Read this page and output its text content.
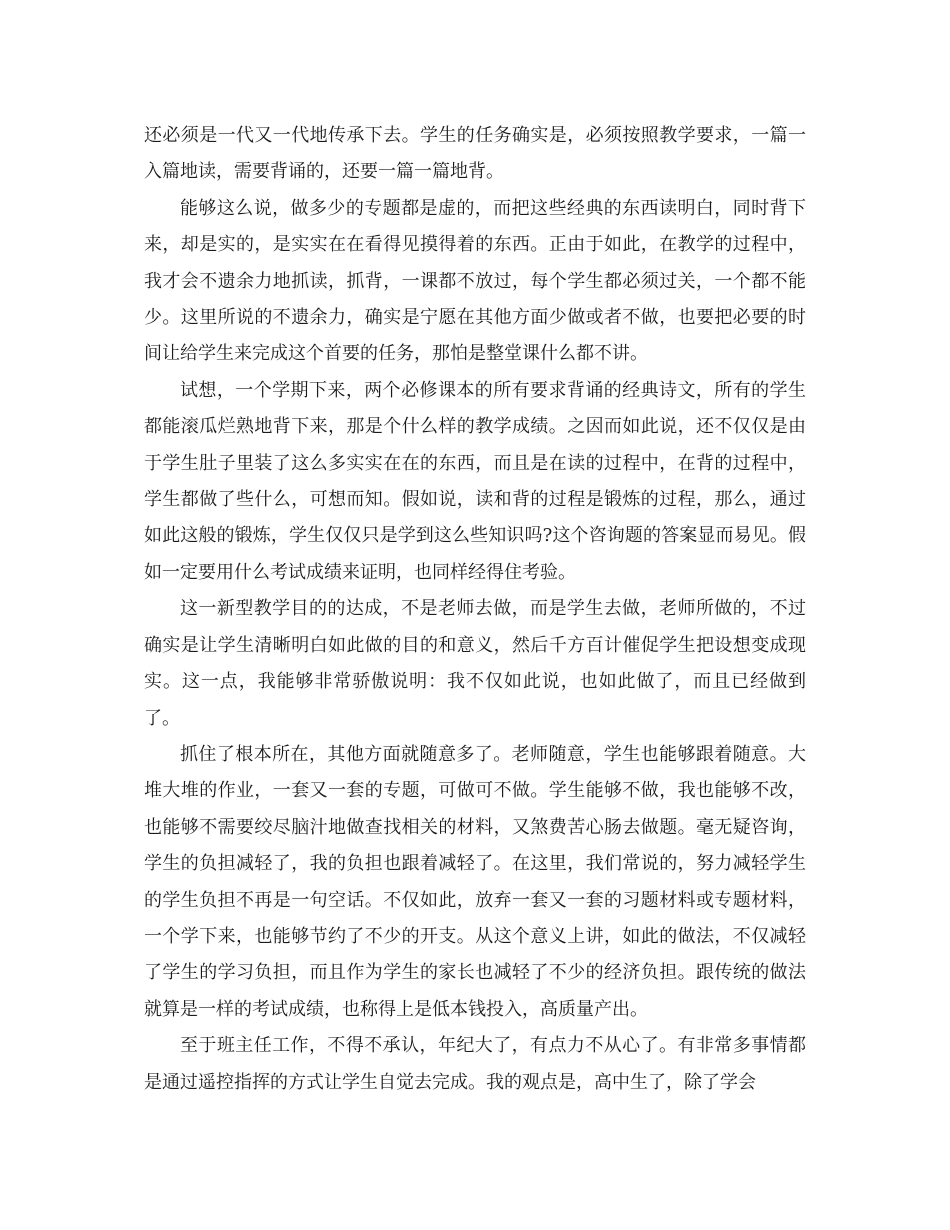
还必须是一代又一代地传承下去。学生的任务确实是，必须按照教学要求，一篇一入篇地读，需要背诵的，还要一篇一篇地背。

能够这么说，做多少的专题都是虚的，而把这些经典的东西读明白，同时背下来，却是实的，是实实在在看得见摸得着的东西。正由于如此，在教学的过程中，我才会不遗余力地抓读，抓背，一课都不放过，每个学生都必须过关，一个都不能少。这里所说的不遗余力，确实是宁愿在其他方面少做或者不做，也要把必要的时间让给学生来完成这个首要的任务，那怕是整堂课什么都不讲。

试想，一个学期下来，两个必修课本的所有要求背诵的经典诗文，所有的学生都能滚瓜烂熟地背下来，那是个什么样的教学成绩。之因而如此说，还不仅仅是由于学生肚子里装了这么多实实在在的东西，而且是在读的过程中，在背的过程中，学生都做了些什么，可想而知。假如说，读和背的过程是锻炼的过程，那么，通过如此这般的锻炼，学生仅仅只是学到这么些知识吗?这个咨询题的答案显而易见。假如一定要用什么考试成绩来证明，也同样经得住考验。

这一新型教学目的的达成，不是老师去做，而是学生去做，老师所做的，不过确实是让学生清晰明白如此做的目的和意义，然后千方百计催促学生把设想变成现实。这一点，我能够非常骄傲说明：我不仅如此说，也如此做了，而且已经做到了。

抓住了根本所在，其他方面就随意多了。老师随意，学生也能够跟着随意。大堆大堆的作业，一套又一套的专题，可做可不做。学生能够不做，我也能够不改，也能够不需要绞尽脑汁地做查找相关的材料，又煞费苦心肠去做题。毫无疑咨询，学生的负担减轻了，我的负担也跟着减轻了。在这里，我们常说的，努力减轻学生的学生负担不再是一句空话。不仅如此，放弃一套又一套的习题材料或专题材料，一个学下来，也能够节约了不少的开支。从这个意义上讲，如此的做法，不仅减轻了学生的学习负担，而且作为学生的家长也减轻了不少的经济负担。跟传统的做法就算是一样的考试成绩，也称得上是低本钱投入，高质量产出。

至于班主任工作，不得不承认，年纪大了，有点力不从心了。有非常多事情都是通过遥控指挥的方式让学生自觉去完成。我的观点是，高中生了，除了学会
